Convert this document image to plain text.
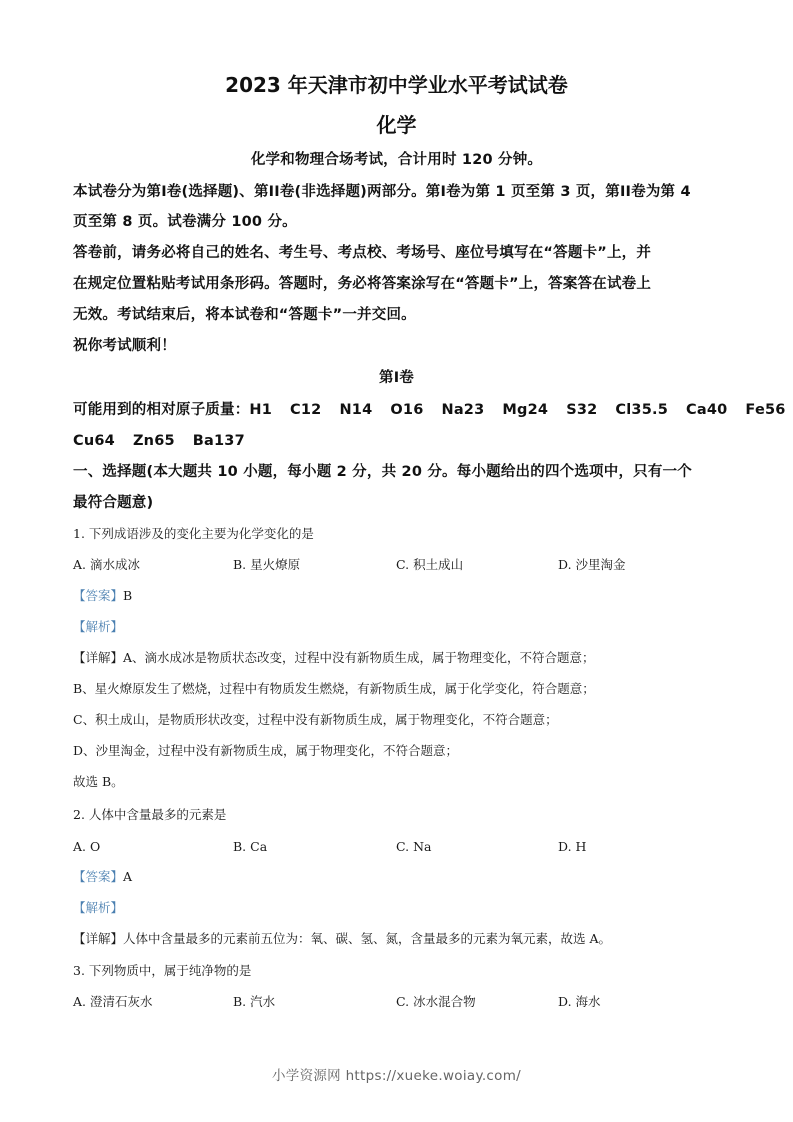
2023 年天津市初中学业水平考试试卷
化学
化学和物理合场考试，合计用时 120 分钟。
本试卷分为第I卷(选择题)、第II卷(非选择题)两部分。第I卷为第 1 页至第 3 页，第II卷为第 4
页至第 8 页。试卷满分 100 分。
答卷前，请务必将自己的姓名、考生号、考点校、考场号、座位号填写在“答题卡”上，并
在规定位置粘贴考试用条形码。答题时，务必将答案涂写在“答题卡”上，答案答在试卷上
无效。考试结束后，将本试卷和“答题卡”一并交回。
祝你考试顺利！
第I卷
可能用到的相对原子质量：H1 C12 N14 O16 Na23 Mg24 S32 Cl35.5 Ca40 Fe56
Cu64 Zn65 Ba137
一、选择题(本大题共 10 小题，每小题 2 分，共 20 分。每小题给出的四个选项中，只有一个
最符合题意)
1. 下列成语涉及的变化主要为化学变化的是
A. 滴水成冰	B. 星火燎原	C. 积土成山	D. 沙里淘金
【答案】B
【解析】
【详解】A、滴水成冰是物质状态改变，过程中没有新物质生成，属于物理变化，不符合题意；
B、星火燎原发生了燃烧，过程中有物质发生燃烧，有新物质生成，属于化学变化，符合题意；
C、积土成山，是物质形状改变，过程中没有新物质生成，属于物理变化，不符合题意；
D、沙里淘金，过程中没有新物质生成，属于物理变化，不符合题意；
故选 B。
2. 人体中含量最多的元素是
A. O	B. Ca	C. Na	D. H
【答案】A
【解析】
【详解】人体中含量最多的元素前五位为：氧、碳、氢、氮，含量最多的元素为氧元素，故选 A。
3. 下列物质中，属于纯净物的是
A. 澄清石灰水	B. 汽水	C. 冰水混合物	D. 海水
小学资源网 https://xueke.woiay.com/
